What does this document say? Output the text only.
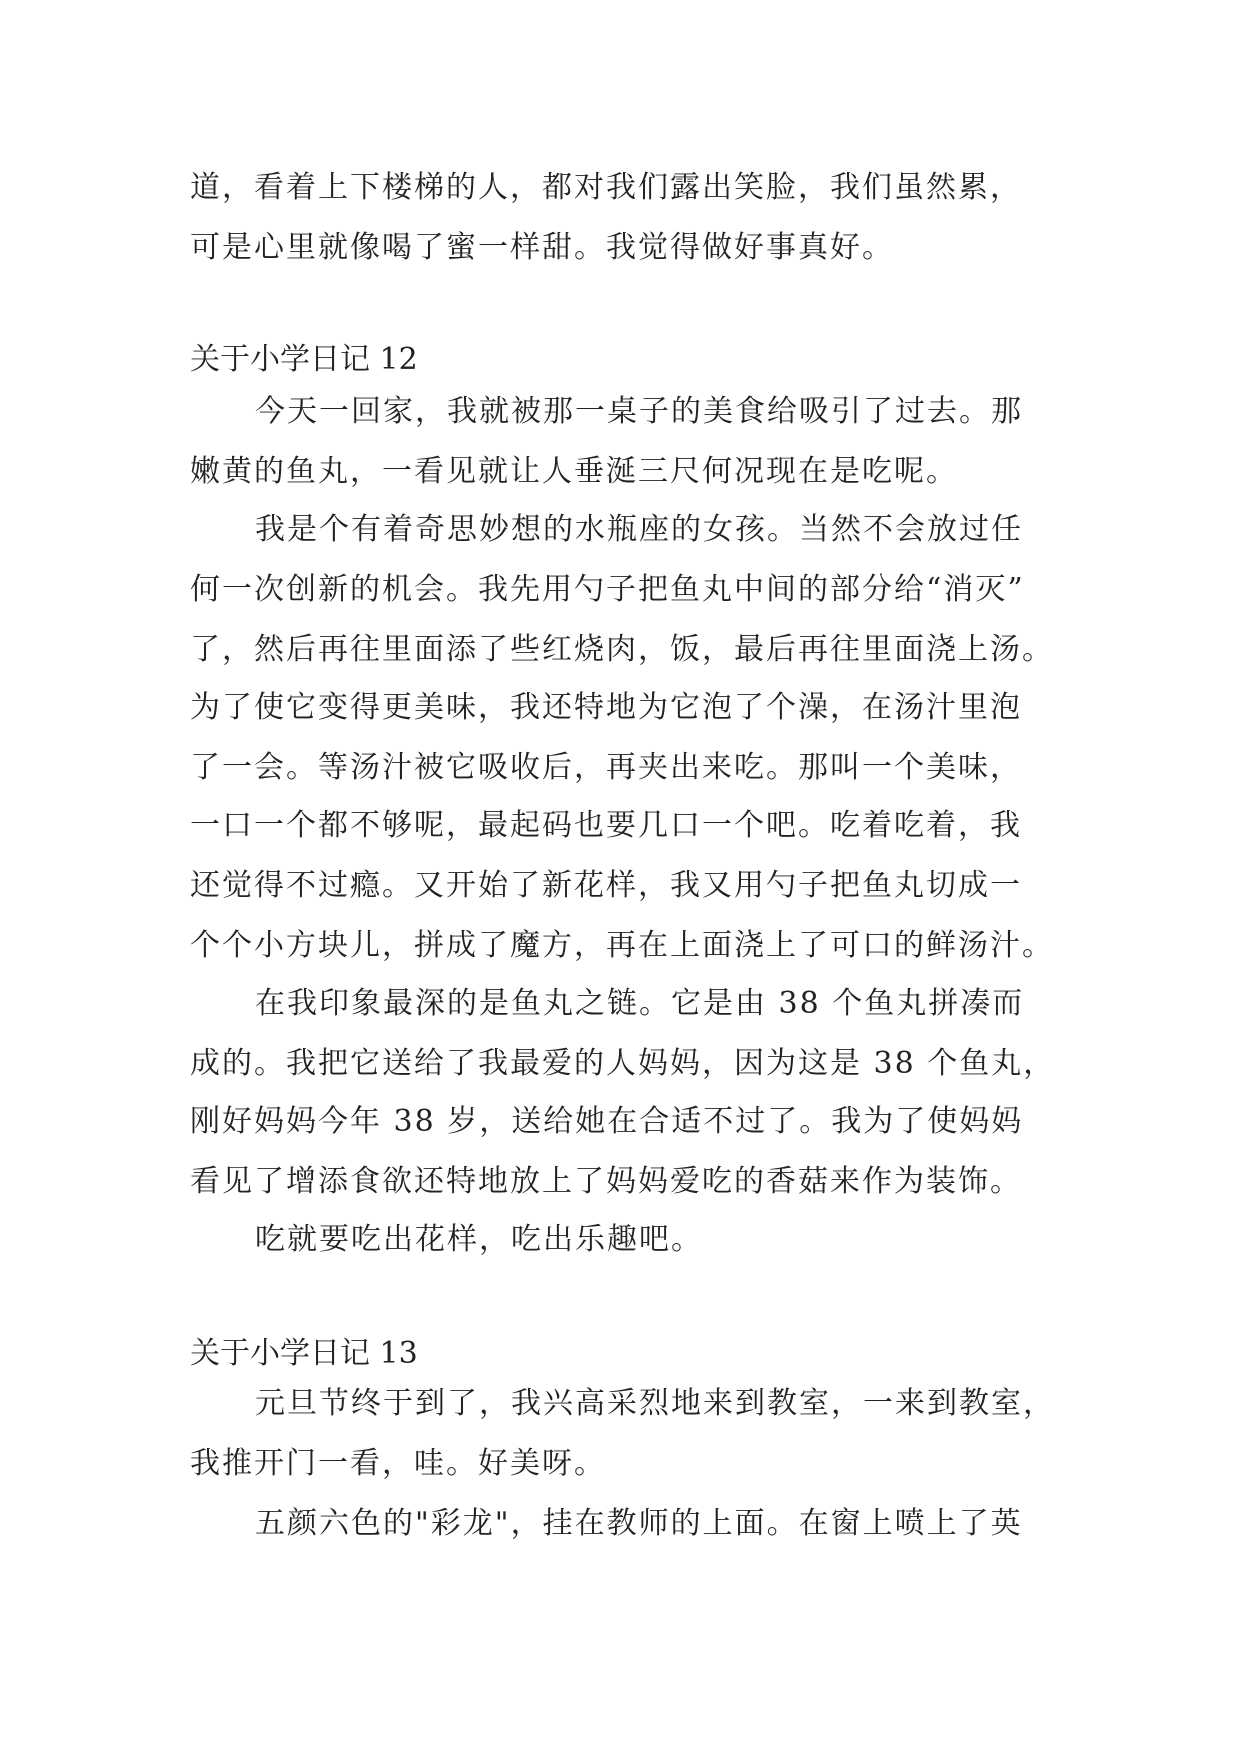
道，看着上下楼梯的人，都对我们露出笑脸，我们虽然累，
可是心里就像喝了蜜一样甜。我觉得做好事真好。
关于小学日记 12
今天一回家，我就被那一桌子的美食给吸引了过去。那
嫩黄的鱼丸，一看见就让人垂涎三尺何况现在是吃呢。
我是个有着奇思妙想的水瓶座的女孩。当然不会放过任
何一次创新的机会。我先用勺子把鱼丸中间的部分给“消灭”
了，然后再往里面添了些红烧肉，饭，最后再往里面浇上汤。
为了使它变得更美味，我还特地为它泡了个澡，在汤汁里泡
了一会。等汤汁被它吸收后，再夹出来吃。那叫一个美味，
一口一个都不够呢，最起码也要几口一个吧。吃着吃着，我
还觉得不过瘾。又开始了新花样，我又用勺子把鱼丸切成一
个个小方块儿，拼成了魔方，再在上面浇上了可口的鲜汤汁。
在我印象最深的是鱼丸之链。它是由 38 个鱼丸拼凑而
成的。我把它送给了我最爱的人妈妈，因为这是 38 个鱼丸，
刚好妈妈今年 38 岁，送给她在合适不过了。我为了使妈妈
看见了增添食欲还特地放上了妈妈爱吃的香菇来作为装饰。
吃就要吃出花样，吃出乐趣吧。
关于小学日记 13
元旦节终于到了，我兴高采烈地来到教室，一来到教室，
我推开门一看，哇。好美呀。
五颜六色的"彩龙"，挂在教师的上面。在窗上喷上了英
